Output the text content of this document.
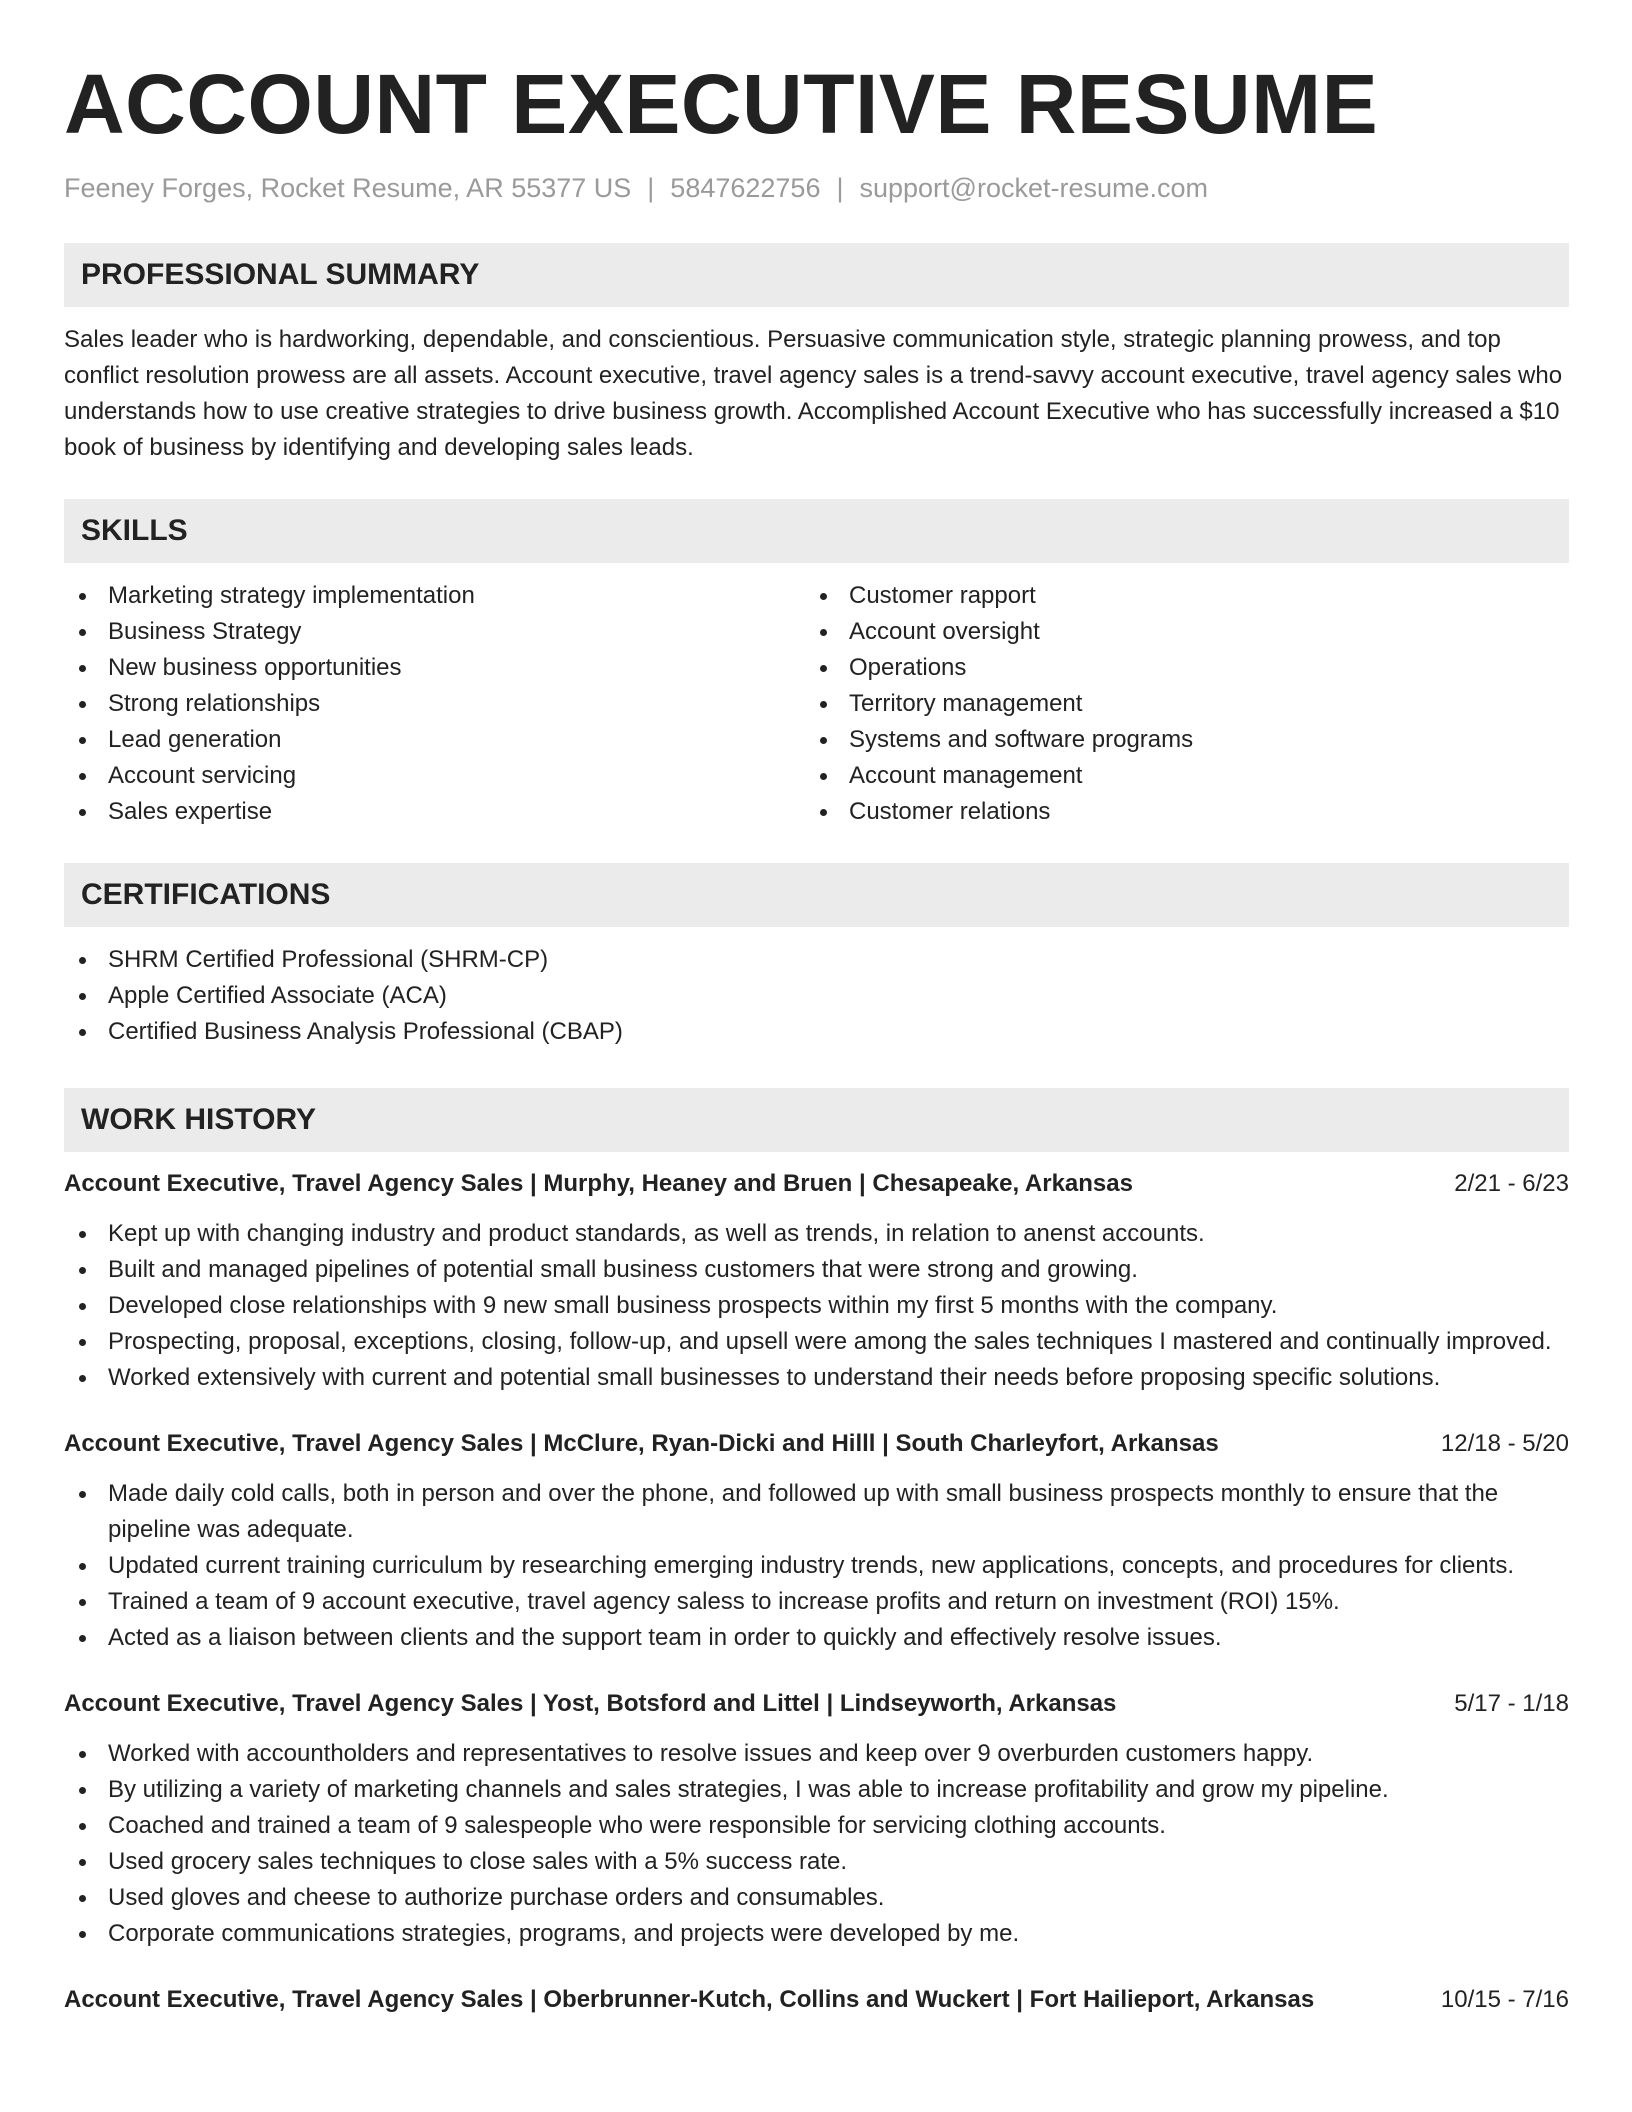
ACCOUNT EXECUTIVE RESUME
Feeney Forges, Rocket Resume, AR 55377 US | 5847622756 | support@rocket-resume.com
PROFESSIONAL SUMMARY
Sales leader who is hardworking, dependable, and conscientious. Persuasive communication style, strategic planning prowess, and top conflict resolution prowess are all assets. Account executive, travel agency sales is a trend-savvy account executive, travel agency sales who understands how to use creative strategies to drive business growth. Accomplished Account Executive who has successfully increased a $10 book of business by identifying and developing sales leads.
SKILLS
Marketing strategy implementation
Business Strategy
New business opportunities
Strong relationships
Lead generation
Account servicing
Sales expertise
Customer rapport
Account oversight
Operations
Territory management
Systems and software programs
Account management
Customer relations
CERTIFICATIONS
SHRM Certified Professional (SHRM-CP)
Apple Certified Associate (ACA)
Certified Business Analysis Professional (CBAP)
WORK HISTORY
Account Executive, Travel Agency Sales | Murphy, Heaney and Bruen | Chesapeake, Arkansas	2/21 - 6/23
Kept up with changing industry and product standards, as well as trends, in relation to anenst accounts.
Built and managed pipelines of potential small business customers that were strong and growing.
Developed close relationships with 9 new small business prospects within my first 5 months with the company.
Prospecting, proposal, exceptions, closing, follow-up, and upsell were among the sales techniques I mastered and continually improved.
Worked extensively with current and potential small businesses to understand their needs before proposing specific solutions.
Account Executive, Travel Agency Sales | McClure, Ryan-Dicki and Hilll | South Charleyfort, Arkansas	12/18 - 5/20
Made daily cold calls, both in person and over the phone, and followed up with small business prospects monthly to ensure that the pipeline was adequate.
Updated current training curriculum by researching emerging industry trends, new applications, concepts, and procedures for clients.
Trained a team of 9 account executive, travel agency saless to increase profits and return on investment (ROI) 15%.
Acted as a liaison between clients and the support team in order to quickly and effectively resolve issues.
Account Executive, Travel Agency Sales | Yost, Botsford and Littel | Lindseyworth, Arkansas	5/17 - 1/18
Worked with accountholders and representatives to resolve issues and keep over 9 overburden customers happy.
By utilizing a variety of marketing channels and sales strategies, I was able to increase profitability and grow my pipeline.
Coached and trained a team of 9 salespeople who were responsible for servicing clothing accounts.
Used grocery sales techniques to close sales with a 5% success rate.
Used gloves and cheese to authorize purchase orders and consumables.
Corporate communications strategies, programs, and projects were developed by me.
Account Executive, Travel Agency Sales | Oberbrunner-Kutch, Collins and Wuckert | Fort Hailieport, Arkansas	10/15 - 7/16
